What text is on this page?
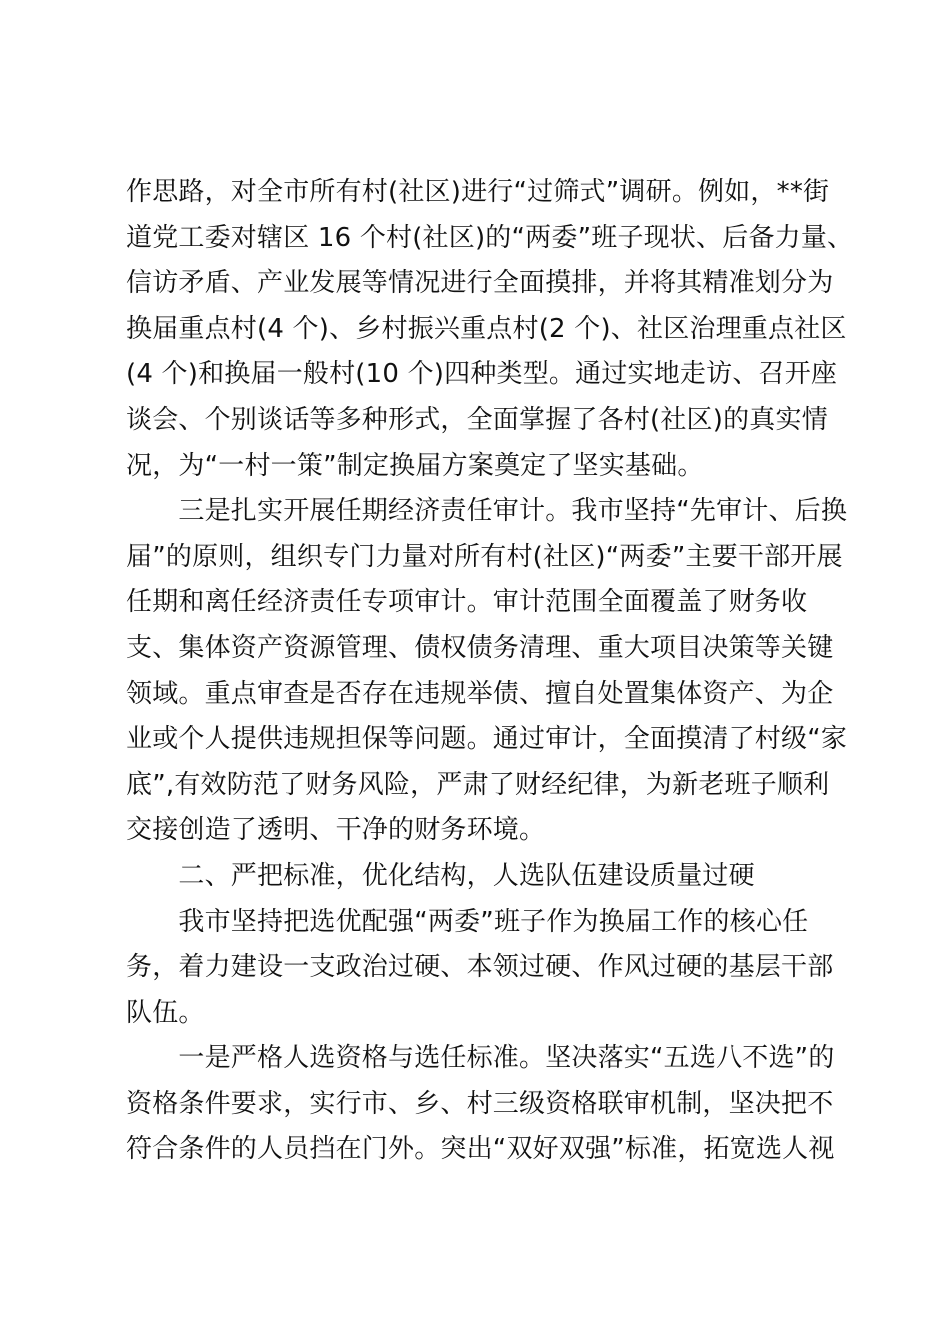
作思路，对全市所有村(社区)进行“过筛式”调研。例如，**街
道党工委对辖区 16 个村(社区)的“两委”班子现状、后备力量、
信访矛盾、产业发展等情况进行全面摸排，并将其精准划分为
换届重点村(4 个)、乡村振兴重点村(2 个)、社区治理重点社区
(4 个)和换届一般村(10 个)四种类型。通过实地走访、召开座
谈会、个别谈话等多种形式，全面掌握了各村(社区)的真实情
况，为“一村一策”制定换届方案奠定了坚实基础。
　　三是扎实开展任期经济责任审计。我市坚持“先审计、后换
届”的原则，组织专门力量对所有村(社区)“两委”主要干部开展
任期和离任经济责任专项审计。审计范围全面覆盖了财务收
支、集体资产资源管理、债权债务清理、重大项目决策等关键
领域。重点审查是否存在违规举债、擅自处置集体资产、为企
业或个人提供违规担保等问题。通过审计，全面摸清了村级“家
底”,有效防范了财务风险，严肃了财经纪律，为新老班子顺利
交接创造了透明、干净的财务环境。
　　二、严把标准，优化结构，人选队伍建设质量过硬
　　我市坚持把选优配强“两委”班子作为换届工作的核心任
务，着力建设一支政治过硬、本领过硬、作风过硬的基层干部
队伍。
　　一是严格人选资格与选任标准。坚决落实“五选八不选”的
资格条件要求，实行市、乡、村三级资格联审机制，坚决把不
符合条件的人员挡在门外。突出“双好双强”标准，拓宽选人视
